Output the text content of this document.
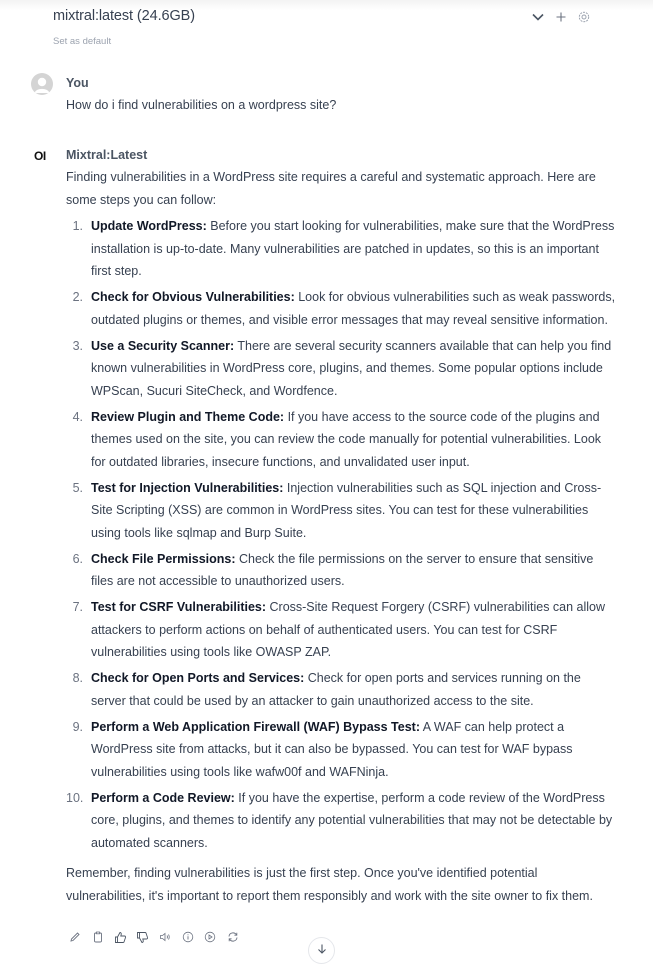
mixtral:latest (24.6GB)
Set as default
You
How do i find vulnerabilities on a wordpress site?
OI Mixtral:Latest

Finding vulnerabilities in a WordPress site requires a careful and systematic approach. Here are some steps you can follow:

1. Update WordPress: Before you start looking for vulnerabilities, make sure that the WordPress installation is up-to-date. Many vulnerabilities are patched in updates, so this is an important first step.
2. Check for Obvious Vulnerabilities: Look for obvious vulnerabilities such as weak passwords, outdated plugins or themes, and visible error messages that may reveal sensitive information.
3. Use a Security Scanner: There are several security scanners available that can help you find known vulnerabilities in WordPress core, plugins, and themes. Some popular options include WPScan, Sucuri SiteCheck, and Wordfence.
4. Review Plugin and Theme Code: If you have access to the source code of the plugins and themes used on the site, you can review the code manually for potential vulnerabilities. Look for outdated libraries, insecure functions, and unvalidated user input.
5. Test for Injection Vulnerabilities: Injection vulnerabilities such as SQL injection and Cross-Site Scripting (XSS) are common in WordPress sites. You can test for these vulnerabilities using tools like sqlmap and Burp Suite.
6. Check File Permissions: Check the file permissions on the server to ensure that sensitive files are not accessible to unauthorized users.
7. Test for CSRF Vulnerabilities: Cross-Site Request Forgery (CSRF) vulnerabilities can allow attackers to perform actions on behalf of authenticated users. You can test for CSRF vulnerabilities using tools like OWASP ZAP.
8. Check for Open Ports and Services: Check for open ports and services running on the server that could be used by an attacker to gain unauthorized access to the site.
9. Perform a Web Application Firewall (WAF) Bypass Test: A WAF can help protect a WordPress site from attacks, but it can also be bypassed. You can test for WAF bypass vulnerabilities using tools like wafw00f and WAFNinja.
10. Perform a Code Review: If you have the expertise, perform a code review of the WordPress core, plugins, and themes to identify any potential vulnerabilities that may not be detectable by automated scanners.

Remember, finding vulnerabilities is just the first step. Once you've identified potential vulnerabilities, it's important to report them responsibly and work with the site owner to fix them.
